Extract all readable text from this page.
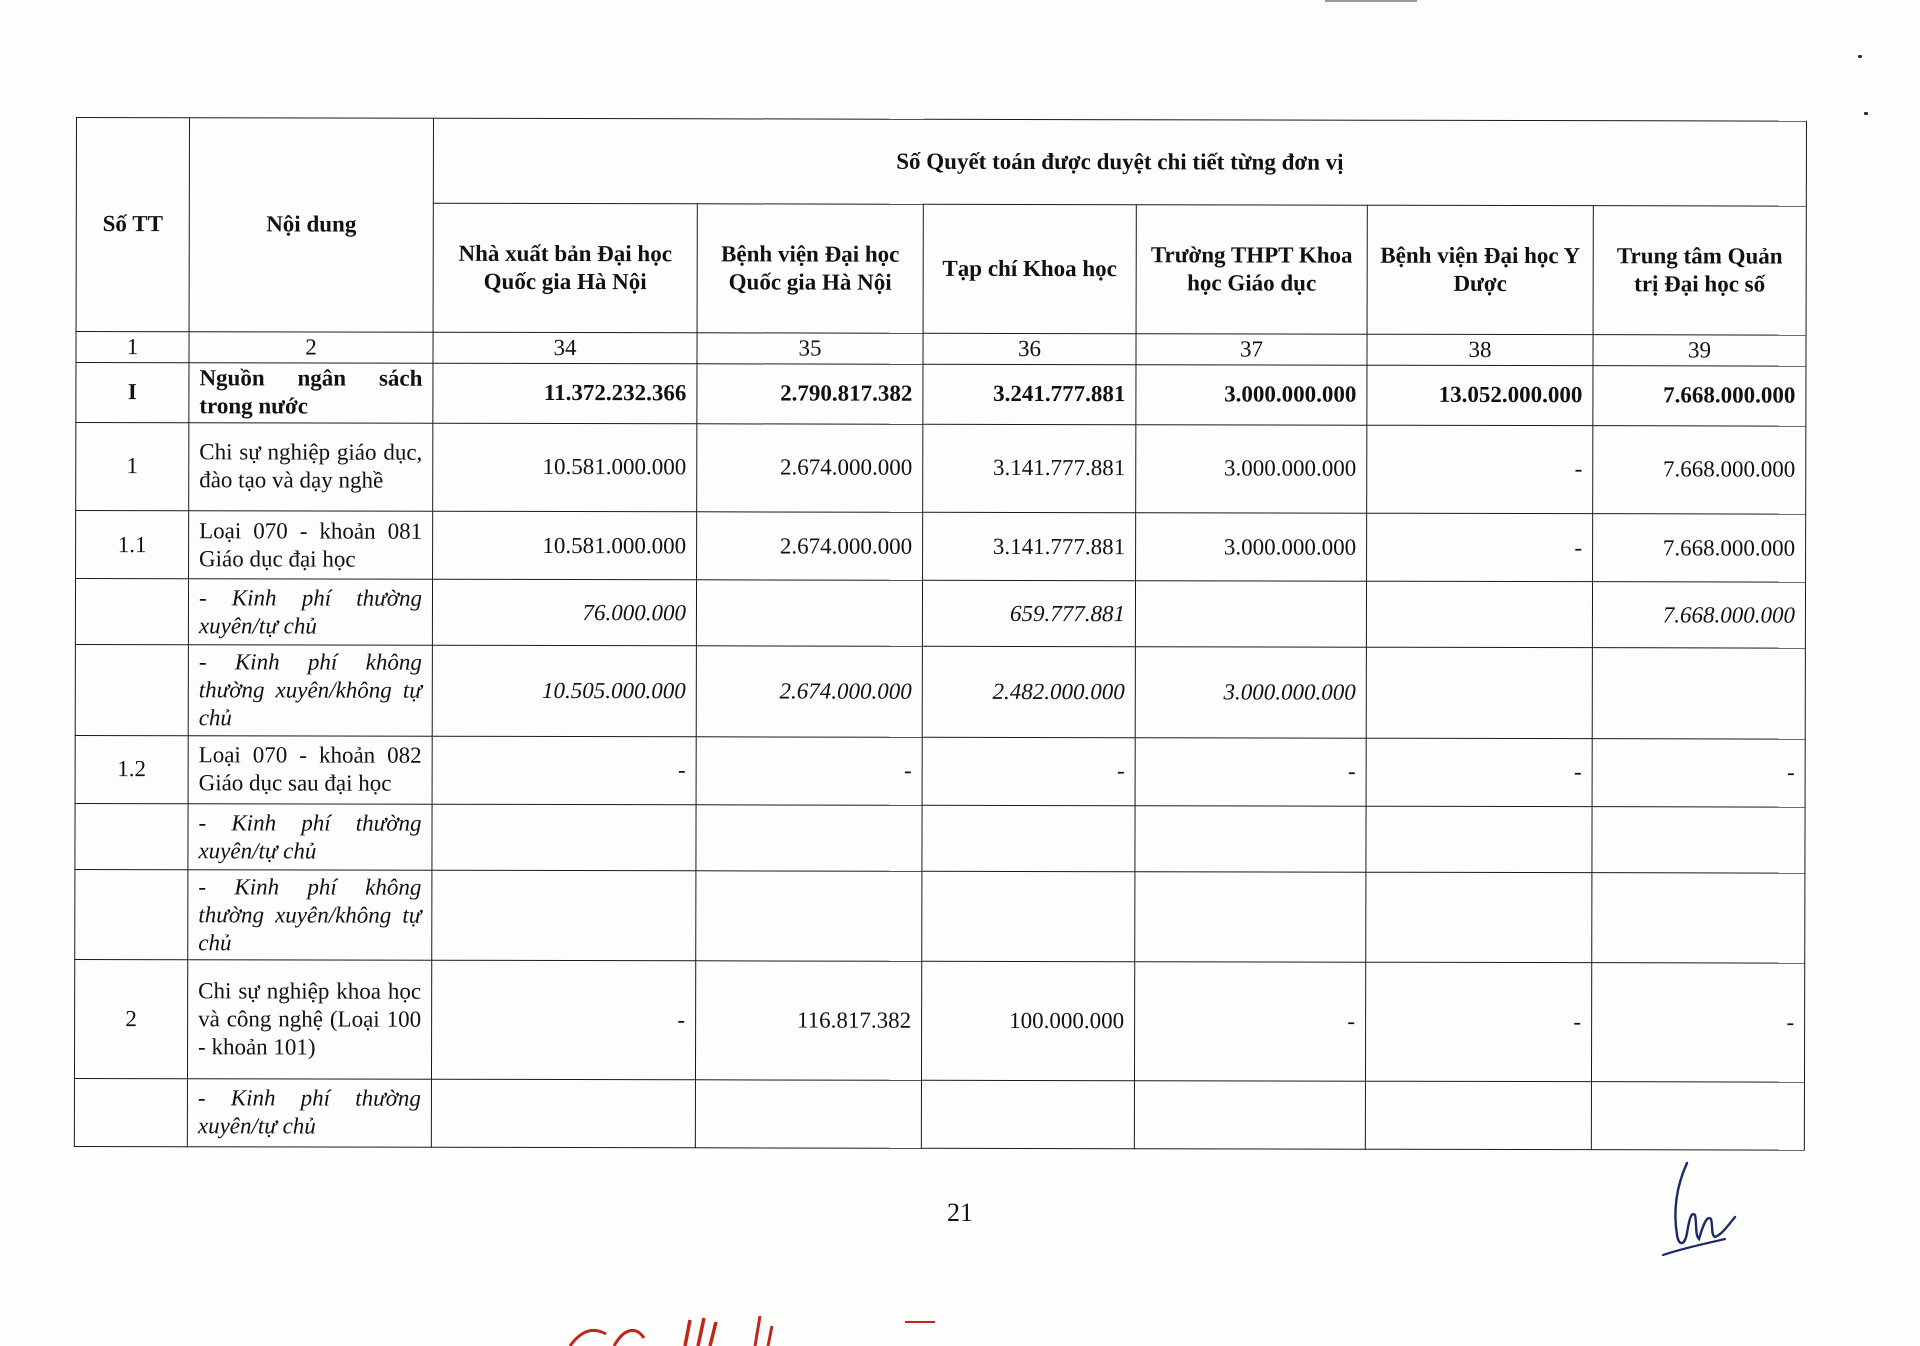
Số TT	Nội dung	Số Quyết toán được duyệt chi tiết từng đơn vị					
		Nhà xuất bản Đại học Quốc gia Hà Nội	Bệnh viện Đại học Quốc gia Hà Nội	Tạp chí Khoa học	Trường THPT Khoa học Giáo dục	Bệnh viện Đại học Y Dược	Trung tâm Quản trị Đại học số
1	2	34	35	36	37	38	39
I	Nguồn ngân sách trong nước	11.372.232.366	2.790.817.382	3.241.777.881	3.000.000.000	13.052.000.000	7.668.000.000
1	Chi sự nghiệp giáo dục, đào tạo và dạy nghề	10.581.000.000	2.674.000.000	3.141.777.881	3.000.000.000	-	7.668.000.000
1.1	Loại 070 - khoản 081 Giáo dục đại học	10.581.000.000	2.674.000.000	3.141.777.881	3.000.000.000	-	7.668.000.000
	- Kinh phí thường xuyên/tự chủ	76.000.000		659.777.881			7.668.000.000
	- Kinh phí không thường xuyên/không tự chủ	10.505.000.000	2.674.000.000	2.482.000.000	3.000.000.000		
1.2	Loại 070 - khoản 082 Giáo dục sau đại học	-	-	-	-	-	-
	- Kinh phí thường xuyên/tự chủ						
	- Kinh phí không thường xuyên/không tự chủ						
2	Chi sự nghiệp khoa học và công nghệ (Loại 100 - khoản 101)	-	116.817.382	100.000.000	-	-	-
	- Kinh phí thường xuyên/tự chủ						
21
